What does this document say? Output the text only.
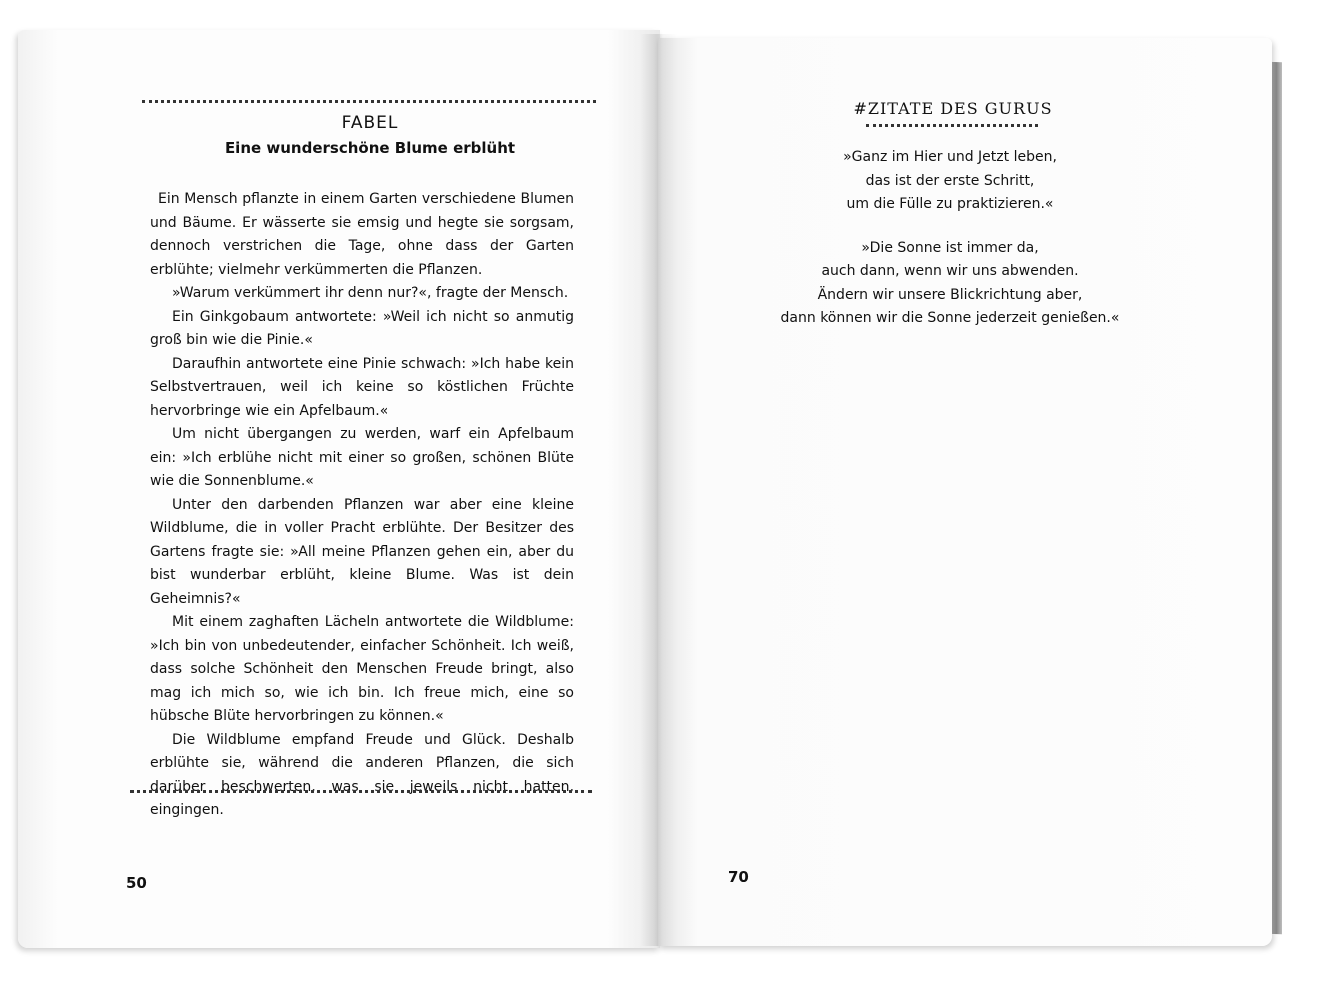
FABEL
Eine wunderschöne Blume erblüht

Ein Mensch pflanzte in einem Garten verschiedene Blumen und Bäume. Er wässerte sie emsig und hegte sie sorgsam, dennoch verstrichen die Tage, ohne dass der Garten erblühte; vielmehr verkümmerten die Pflanzen.

»Warum verkümmert ihr denn nur?«, fragte der Mensch.

Ein Ginkgobaum antwortete: »Weil ich nicht so anmutig groß bin wie die Pinie.«

Daraufhin antwortete eine Pinie schwach: »Ich habe kein Selbstvertrauen, weil ich keine so köstlichen Früchte hervorbringe wie ein Apfelbaum.«

Um nicht übergangen zu werden, warf ein Apfelbaum ein: »Ich erblühe nicht mit einer so großen, schönen Blüte wie die Sonnenblume.«

Unter den darbenden Pflanzen war aber eine kleine Wildblume, die in voller Pracht erblühte. Der Besitzer des Gartens fragte sie: »All meine Pflanzen gehen ein, aber du bist wunderbar erblüht, kleine Blume. Was ist dein Geheimnis?«

Mit einem zaghaften Lächeln antwortete die Wildblume: »Ich bin von unbedeutender, einfacher Schönheit. Ich weiß, dass solche Schönheit den Menschen Freude bringt, also mag ich mich so, wie ich bin. Ich freue mich, eine so hübsche Blüte hervorbringen zu können.«

Die Wildblume empfand Freude und Glück. Deshalb erblühte sie, während die anderen Pflanzen, die sich darüber beschwerten, was sie jeweils nicht hatten, eingingen.

50
#ZITATE DES GURUS
»Ganz im Hier und Jetzt leben,
das ist der erste Schritt,
um die Fülle zu praktizieren.«
»Die Sonne ist immer da,
auch dann, wenn wir uns abwenden.
Ändern wir unsere Blickrichtung aber,
dann können wir die Sonne jederzeit genießen.«
70
